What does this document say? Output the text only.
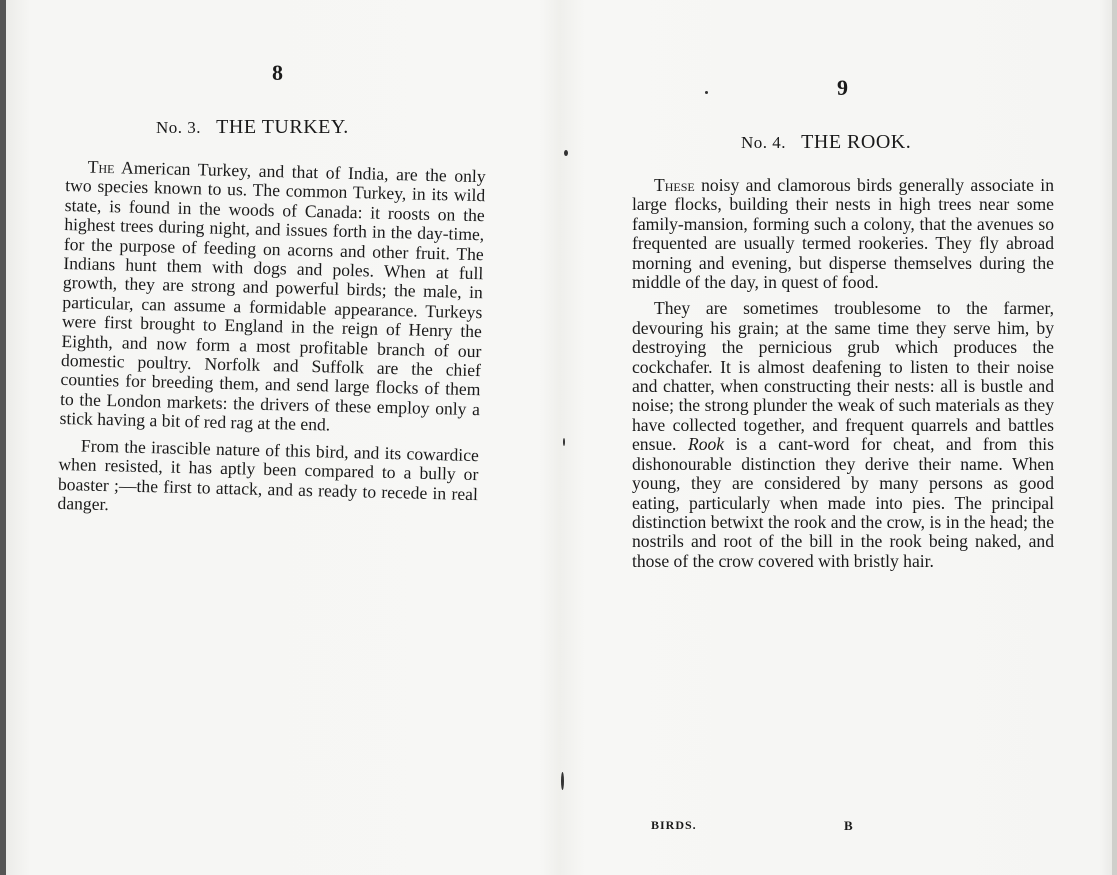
8
No. 3. THE TURKEY.

The American Turkey, and that of India, are the only two species known to us. The common Turkey, in its wild state, is found in the woods of Canada: it roosts on the highest trees during night, and issues forth in the day-time, for the purpose of feeding on acorns and other fruit. The Indians hunt them with dogs and poles. When at full growth, they are strong and powerful birds; the male, in particular, can assume a formidable appearance. Turkeys were first brought to England in the reign of Henry the Eighth, and now form a most profitable branch of our domestic poultry. Norfolk and Suffolk are the chief counties for breeding them, and send large flocks of them to the London markets: the drivers of these employ only a stick having a bit of red rag at the end.

From the irascible nature of this bird, and its cowardice when resisted, it has aptly been compared to a bully or boaster ;—the first to attack, and as ready to recede in real danger.

9
No. 4. THE ROOK.

These noisy and clamorous birds generally associate in large flocks, building their nests in high trees near some family-mansion, forming such a colony, that the avenues so frequented are usually termed rookeries. They fly abroad morning and evening, but disperse themselves during the middle of the day, in quest of food.

They are sometimes troublesome to the farmer, devouring his grain; at the same time they serve him, by destroying the pernicious grub which produces the cockchafer. It is almost deafening to listen to their noise and chatter, when constructing their nests: all is bustle and noise; the strong plunder the weak of such materials as they have collected together, and frequent quarrels and battles ensue. Rook is a cant-word for cheat, and from this dishonourable distinction they derive their name. When young, they are considered by many persons as good eating, particularly when made into pies. The principal distinction betwixt the rook and the crow, is in the head; the nostrils and root of the bill in the rook being naked, and those of the crow covered with bristly hair.

BIRDS.	B
